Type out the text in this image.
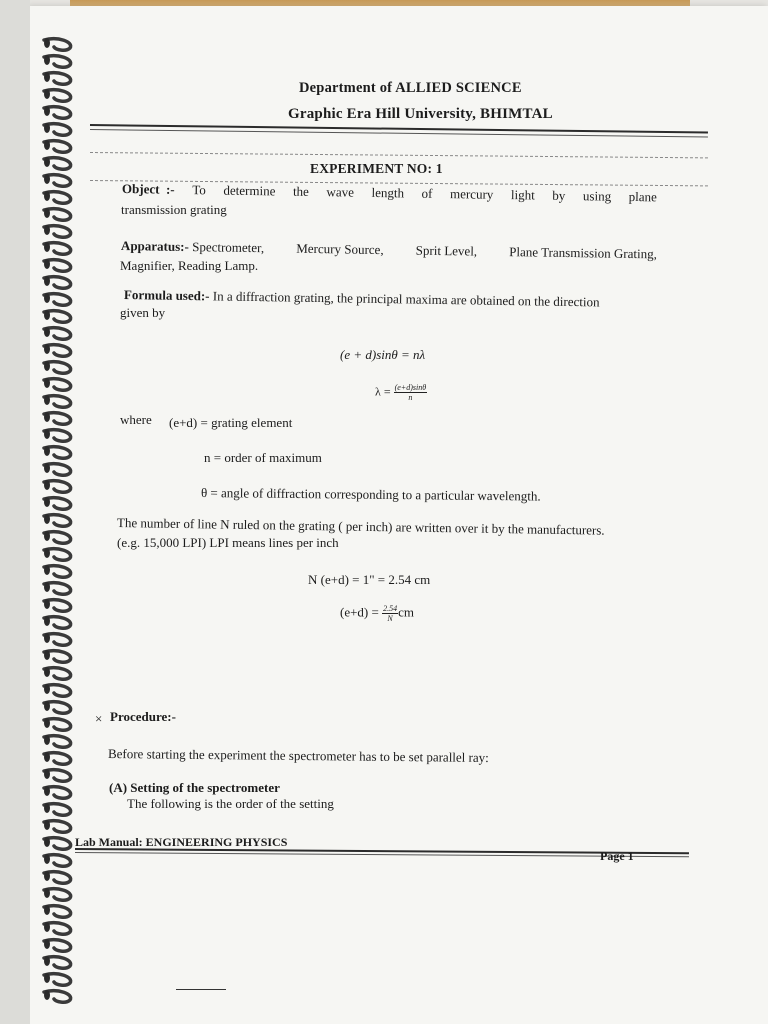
Department of ALLIED SCIENCE
Graphic Era Hill University, BHIMTAL
EXPERIMENT NO: 1
Object :- To determine the wave length of mercury light by using plane
transmission grating
Apparatus:- Spectrometer, Mercury Source, Sprit Level, Plane Transmission Grating,
Magnifier, Reading Lamp.
Formula used:- In a diffraction grating, the principal maxima are obtained on the direction
given by
(e + d)sinθ = nλ
$\lambda = \frac{(e+d)\sin\theta}{n}$
where (e+d) = grating element
n = order of maximum
θ = angle of diffraction corresponding to a particular wavelength.
The number of line N ruled on the grating ( per inch) are written over it by the manufacturers.
(e.g. 15,000 LPI) LPI means lines per inch
N (e+d) = 1" = 2.54 cm
$(e+d) = \frac{2.54}{N}$ cm
× Procedure:-
Before starting the experiment the spectrometer has to be set parallel ray:
(A) Setting of the spectrometer
The following is the order of the setting
Lab Manual: ENGINEERING PHYSICS
Page 1
